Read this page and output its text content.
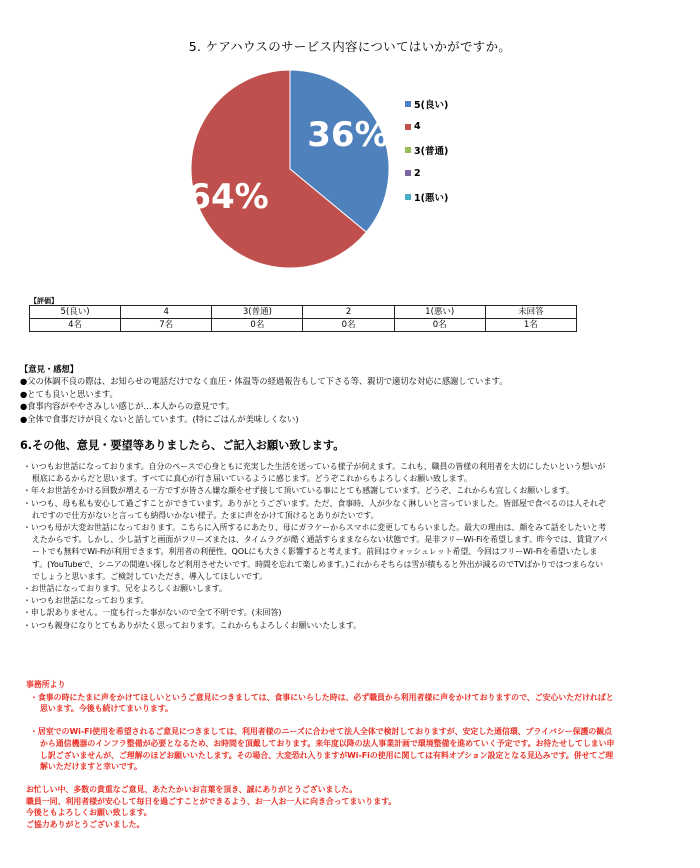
5. ケアハウスのサービス内容についてはいかがですか。
36%
64%
5(良い)
4
3(普通)
2
1(悪い)
【評価】
5(良い)	4	3(普通)	2	1(悪い)	未回答
4名	7名	0名	0名	0名	1名
【意見・感想】
●父の体調不良の際は、お知らせの電話だけでなく血圧・体温等の経過報告もして下さる等、親切で適切な対応に感謝しています。
●とても良いと思います。
●食事内容がややさみしい感じが…本人からの意見です。
●全体で食事だけが良くないと話しています。(特にごはんが美味しくない)
6.その他、意見・要望等ありましたら、ご記入お願い致します。
・いつもお世話になっております。自分のペースで心身ともに充実した生活を送っている様子が伺えます。これも、職員の皆様の利用者を大切にしたいという想いが根底にあるからだと思います。すべてに真心が行き届いているように感じます。どうぞこれからもよろしくお願い致します。
・年々お世話をかける回数が増える一方ですが皆さん嫌な顔をせず接して頂いている事にとても感謝しています。どうぞ、これからも宜しくお願いします。
・いつも、母も私も安心して過ごすことができています。ありがとうございます。ただ、食事時、人が少なく淋しいと言っていました。皆部屋で食べるのは人それぞれですので仕方がないと言っても納得いかない様子。たまに声をかけて頂けるとありがたいです。
・いつも母が大変お世話になっております。こちらに入所するにあたり、母にガラケーからスマホに変更してもらいました。最大の理由は、顔をみて話をしたいと考えたからです。しかし、少し話すと画面がフリーズまたは、タイムラグが酷く通話すらままならない状態です。是非フリーWi-Fiを希望します。昨今では、賃貸アパートでも無料でWi-Fiが利用できます。利用者の利便性、QOLにも大きく影響すると考えます。前回はウォッシュレット希望、今回はフリーWi-Fiを希望いたします。(YouTubeで、シニアの間違い探しなど利用させたいです。時間を忘れて楽しめます。)これからそちらは雪が積もると外出が減るのでTVばかりではつまらないでしょうと思います。ご検討していただき、導入してほしいです。
・お世話になっております。兄をよろしくお願いします。
・いつもお世話になっております。
・申し訳ありません。一度も行った事がないので全て不明です。(未回答)
・いつも親身になりとてもありがたく思っております。これからもよろしくお願いいたします。
事務所より
・食事の時にたまに声をかけてほしいというご意見につきましては、食事にいらした時は、必ず職員から利用者様に声をかけておりますので、ご安心いただければと思います。今後も続けてまいります。
・居室でのWi-Fi使用を希望されるご意見につきましては、利用者様のニーズに合わせて法人全体で検討しておりますが、安定した通信環、プライバシー保護の観点から通信機器のインフラ整備が必要となるため、お時間を頂戴しております。来年度以降の法人事業計画で環境整備を進めていく予定です。お待たせしてしまい申し訳ございませんが、ご理解のほどお願いいたします。その場合、大変恐れ入りますがWi-Fiの使用に関しては有料オプション設定となる見込みです。併せてご理解いただけますと幸いです。
お忙しい中、多数の貴重なご意見、あたたかいお言葉を頂き、誠にありがとうございました。
職員一同、利用者様が安心して毎日を過ごすことができるよう、お一人お一人に向き合ってまいります。
今後ともよろしくお願い致します。
ご協力ありがとうございました。
